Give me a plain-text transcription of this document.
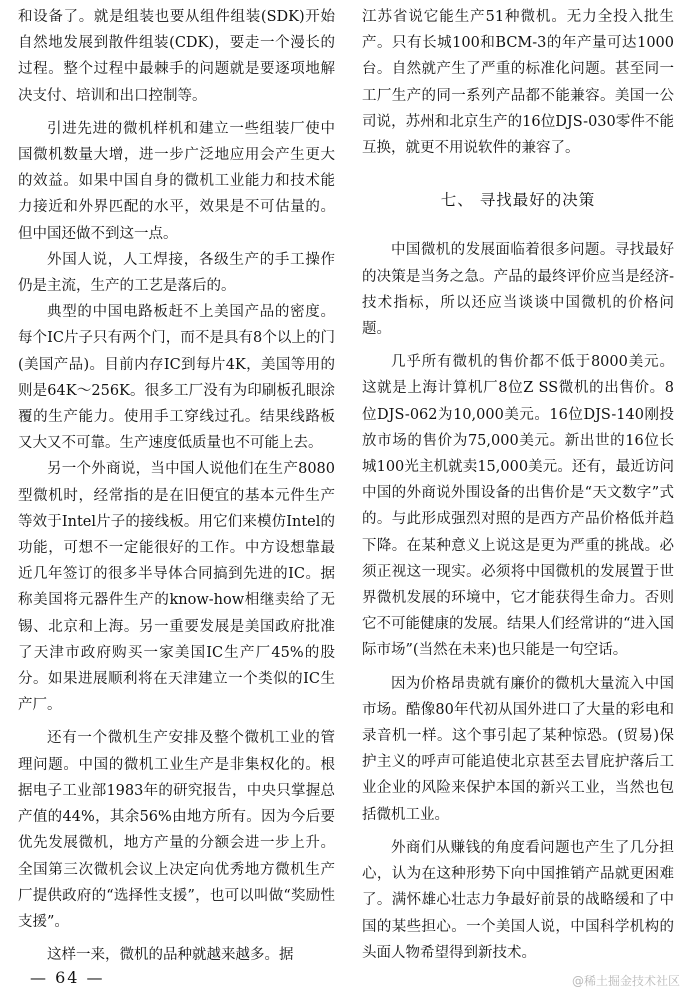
和设备了。就是组装也要从组件组装(SDK)开始自然地发展到散件组装(CDK)，要走一个漫长的过程。整个过程中最棘手的问题就是要逐项地解决支付、培训和出口控制等。

引进先进的微机样机和建立一些组装厂使中国微机数量大增，进一步广泛地应用会产生更大的效益。如果中国自身的微机工业能力和技术能力接近和外界匹配的水平，效果是不可估量的。但中国还做不到这一点。

外国人说，人工焊接，各级生产的手工操作仍是主流，生产的工艺是落后的。

典型的中国电路板赶不上美国产品的密度。每个IC片子只有两个门，而不是具有8个以上的门(美国产品)。目前内存IC到每片4K，美国等用的则是64K～256K。很多工厂没有为印刷板孔眼涂覆的生产能力。使用手工穿线过孔。结果线路板又大又不可靠。生产速度低质量也不可能上去。

另一个外商说，当中国人说他们在生产8080型微机时，经常指的是在旧便宜的基本元件生产等效于Intel片子的接线板。用它们来模仿Intel的功能，可想不一定能很好的工作。中方设想靠最近几年签订的很多半导体合同搞到先进的IC。据称美国将元器件生产的know-how相继卖给了无锡、北京和上海。另一重要发展是美国政府批准了天津市政府购买一家美国IC生产厂45%的股分。如果进展顺利将在天津建立一个类似的IC生产厂。

还有一个微机生产安排及整个微机工业的管理问题。中国的微机工业生产是非集权化的。根据电子工业部1983年的研究报告，中央只掌握总产值的44%，其余56%由地方所有。因为今后要优先发展微机，地方产量的分额会进一步上升。全国第三次微机会议上决定向优秀地方微机生产厂提供政府的“选择性支援”，也可以叫做“奖励性支援”。

这样一来，微机的品种就越来越多。据

江苏省说它能生产51种微机。无力全投入批生产。只有长城100和BCM-3的年产量可达1000台。自然就产生了严重的标准化问题。甚至同一工厂生产的同一系列产品都不能兼容。美国一公司说，苏州和北京生产的16位DJS-030零件不能互换，就更不用说软件的兼容了。

七、 寻找最好的决策

中国微机的发展面临着很多问题。寻找最好的决策是当务之急。产品的最终评价应当是经济-技术指标，所以还应当谈谈中国微机的价格问题。

几乎所有微机的售价都不低于8000美元。这就是上海计算机厂8位Z SS微机的出售价。8位DJS-062为10,000美元。16位DJS-140刚投放市场的售价为75,000美元。新出世的16位长城100光主机就卖15,000美元。还有，最近访问中国的外商说外围设备的出售价是“天文数字”式的。与此形成强烈对照的是西方产品价格低并趋下降。在某种意义上说这是更为严重的挑战。必须正视这一现实。必须将中国微机的发展置于世界微机发展的环境中，它才能获得生命力。否则它不可能健康的发展。结果人们经常讲的“进入国际市场”(当然在未来)也只能是一句空话。

因为价格昂贵就有廉价的微机大量流入中国市场。酷像80年代初从国外进口了大量的彩电和录音机一样。这个事引起了某种惊恐。(贸易)保护主义的呼声可能追使北京甚至去冒庇护落后工业企业的风险来保护本国的新兴工业，当然也包括微机工业。

外商们从赚钱的角度看问题也产生了几分担心，认为在这种形势下向中国推销产品就更困难了。满怀雄心壮志力争最好前景的战略缓和了中国的某些担心。一个美国人说，中国科学机构的头面人物希望得到新技术。

— 64 —	@稀土掘金技术社区
